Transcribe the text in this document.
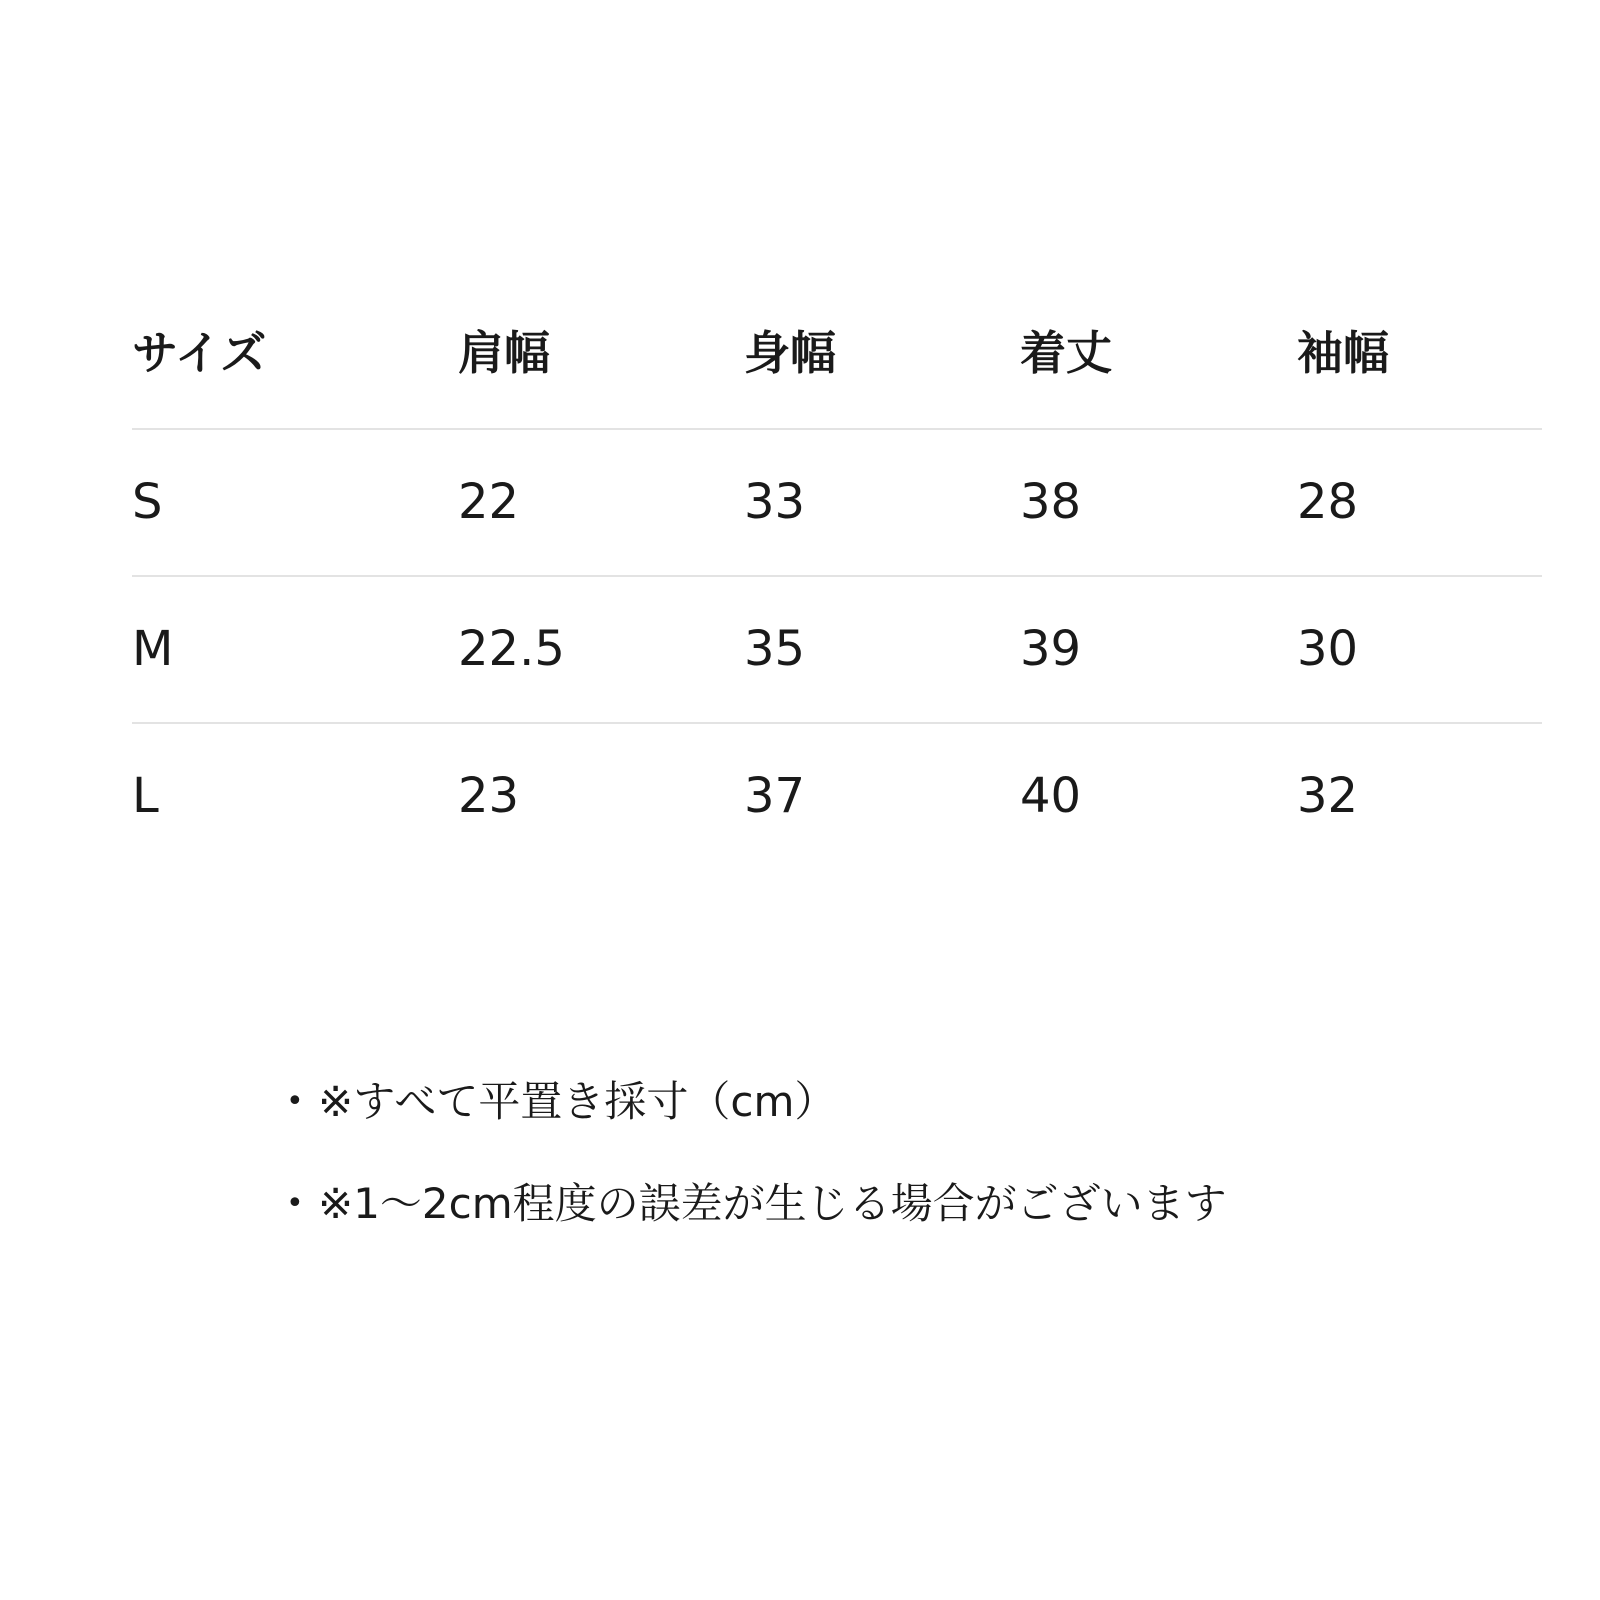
サイズ	肩幅	身幅	着丈	袖幅
S	22	33	38	28
M	22.5	35	39	30
L	23	37	40	32
• ※すべて平置き採寸（cm）
• ※1～2cm程度の誤差が生じる場合がございます
